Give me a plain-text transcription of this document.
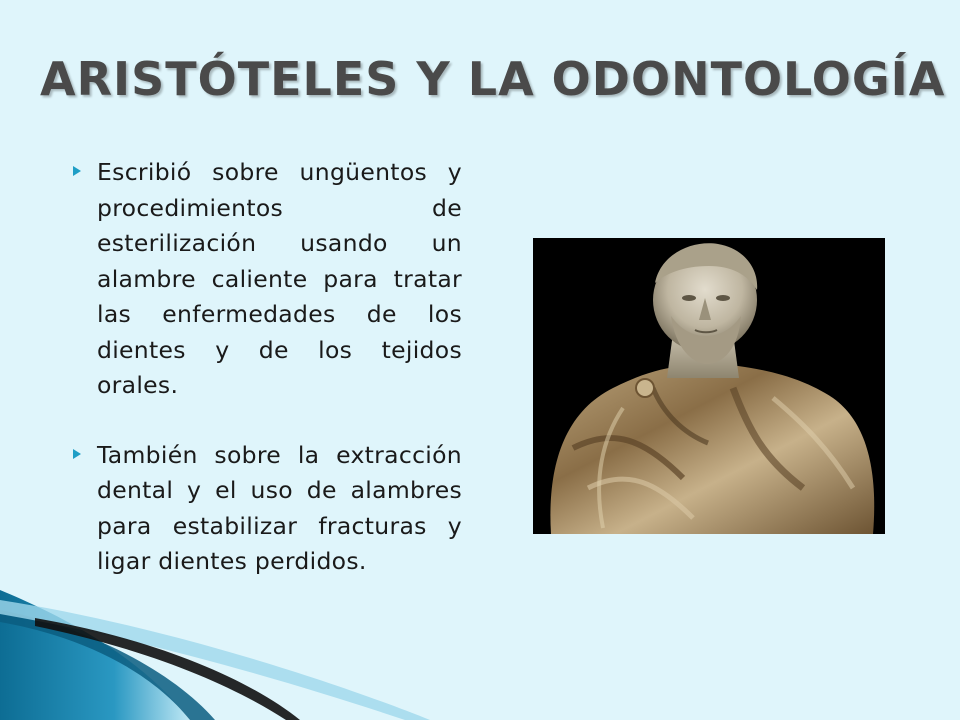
ARISTÓTELES Y LA ODONTOLOGÍA
Escribió sobre ungüentos y procedimientos de esterilización usando un alambre caliente para tratar las enfermedades de los dientes y de los tejidos orales.
También sobre la extracción dental y el uso de alambres para estabilizar fracturas y ligar dientes perdidos.
